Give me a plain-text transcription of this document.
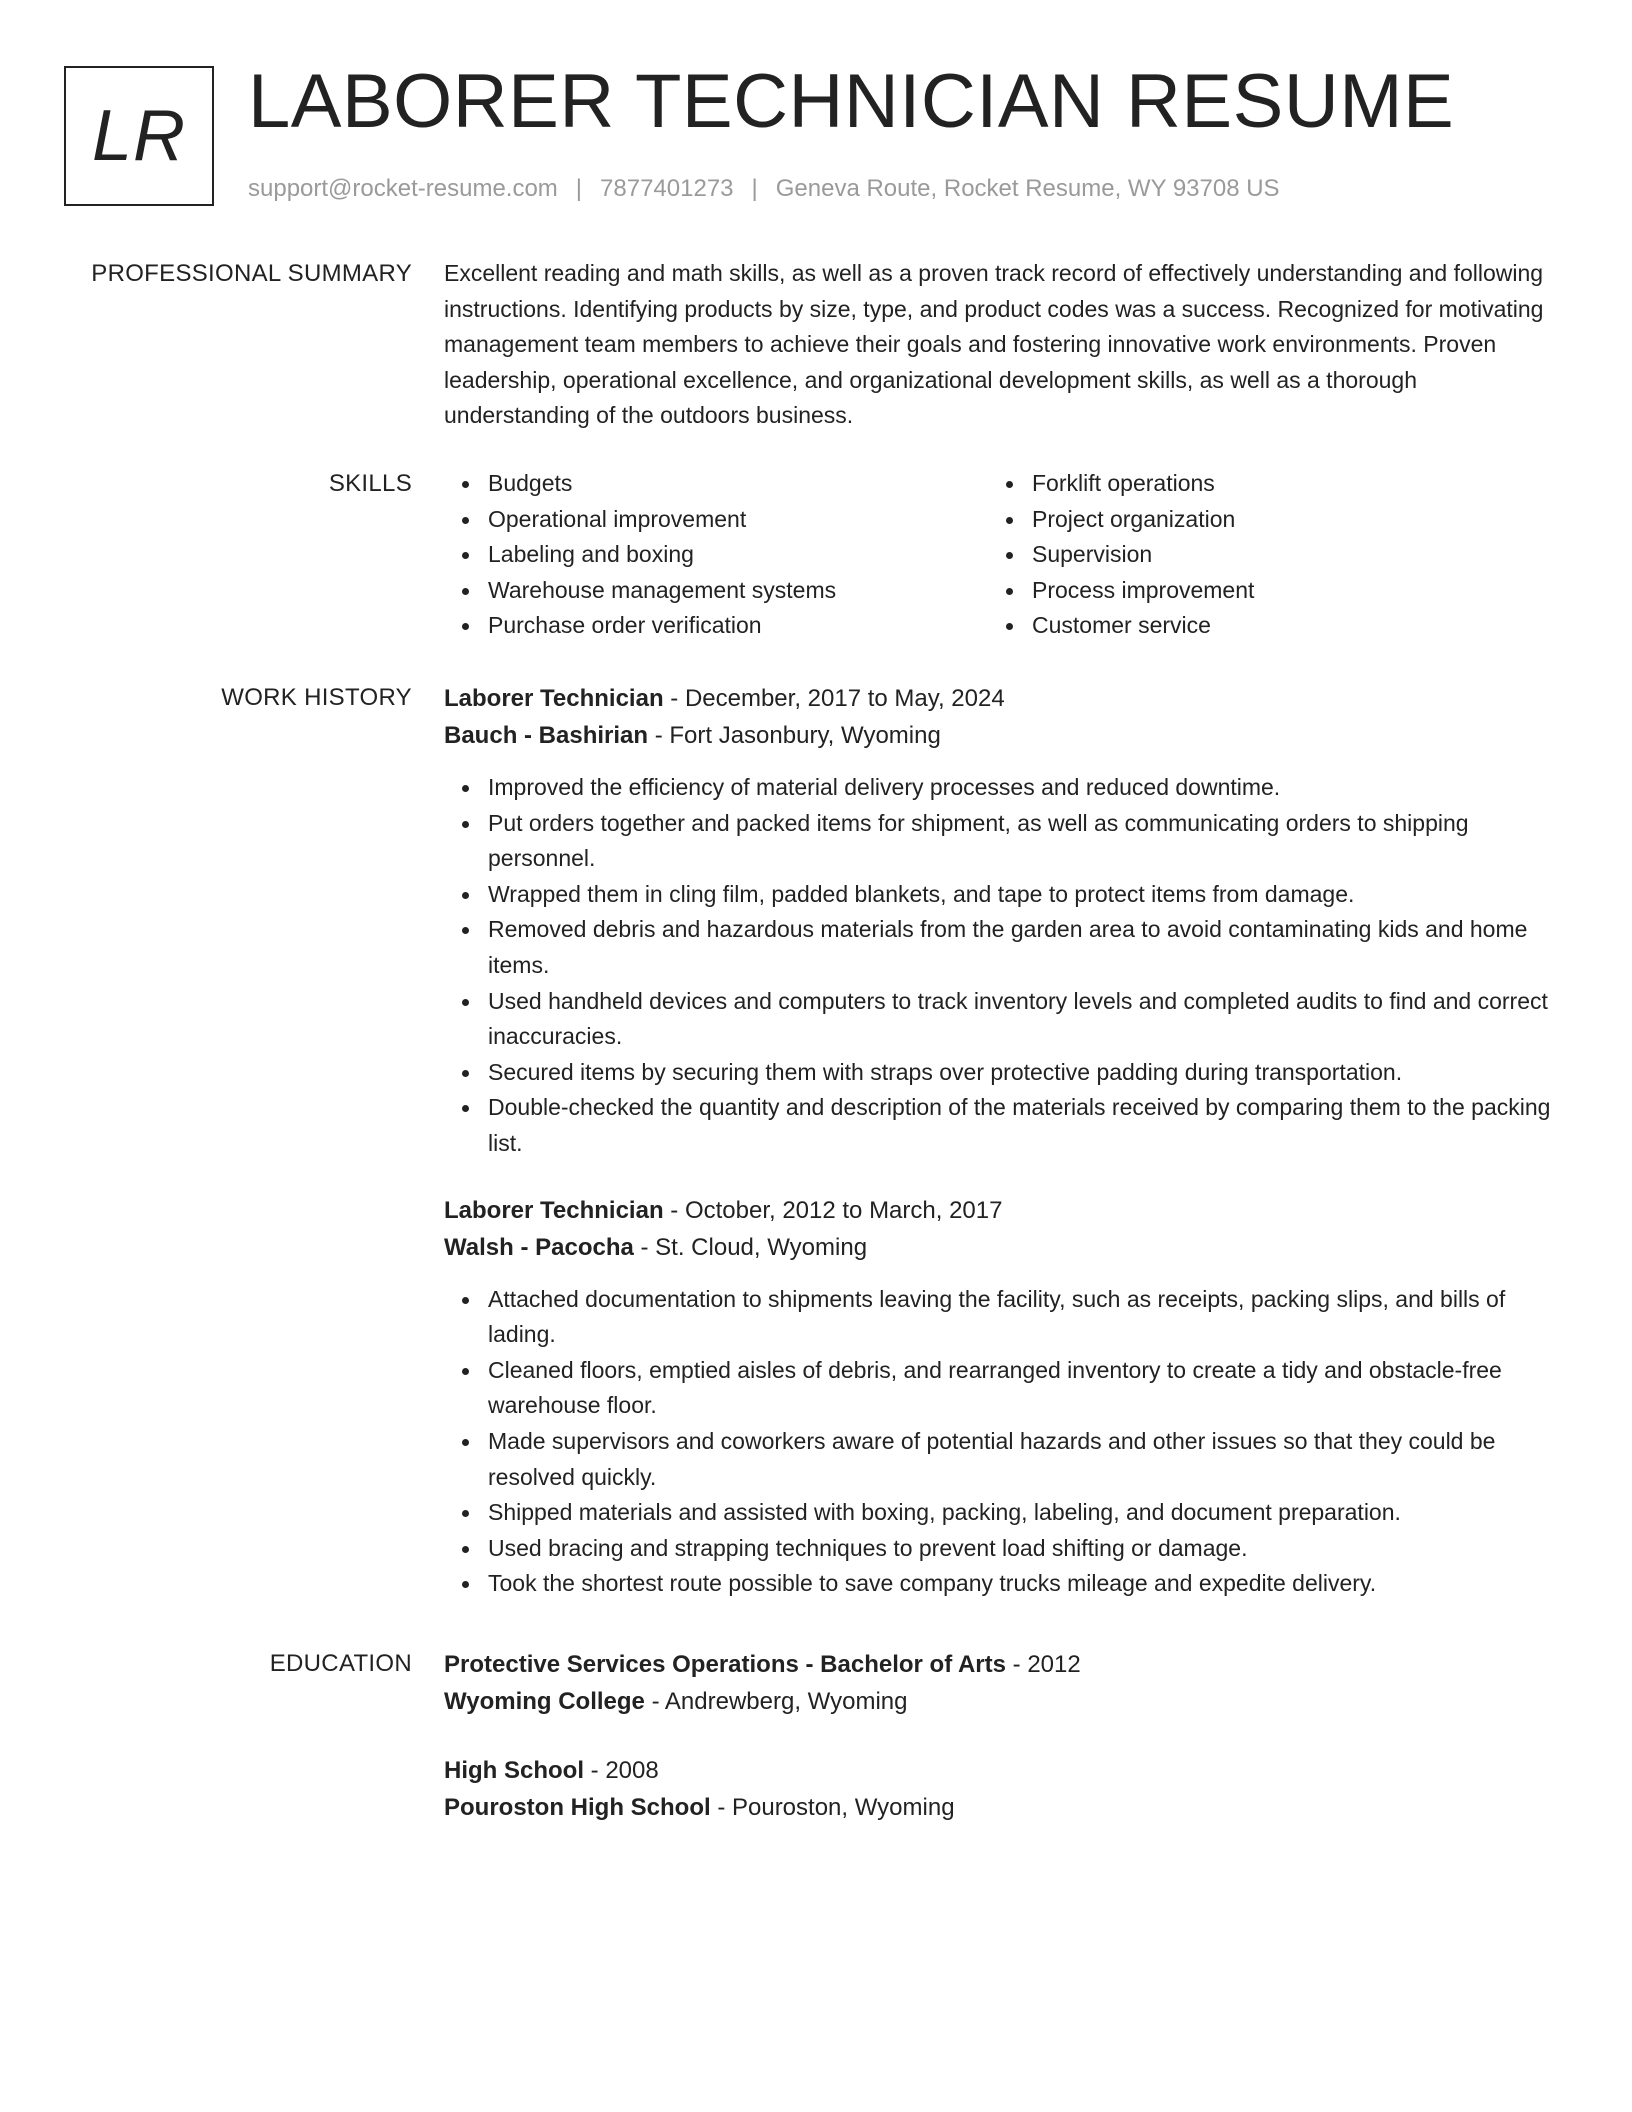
LR LABORER TECHNICIAN RESUME
support@rocket-resume.com | 7877401273 | Geneva Route, Rocket Resume, WY 93708 US
PROFESSIONAL SUMMARY Excellent reading and math skills, as well as a proven track record of effectively understanding and following instructions. Identifying products by size, type, and product codes was a success. Recognized for motivating management team members to achieve their goals and fostering innovative work environments. Proven leadership, operational excellence, and organizational development skills, as well as a thorough understanding of the outdoors business.

SKILLS	Budgets
Operational improvement
Labeling and boxing
Warehouse management systems
Purchase order verification
Forklift operations
Project organization
Supervision
Process improvement
Customer service
WORK HISTORY Laborer Technician - December, 2017 to May, 2024
Bauch - Bashirian - Fort Jasonbury, Wyoming
Improved the efficiency of material delivery processes and reduced downtime.
Put orders together and packed items for shipment, as well as communicating orders to shipping personnel.
Wrapped them in cling film, padded blankets, and tape to protect items from damage.
Removed debris and hazardous materials from the garden area to avoid contaminating kids and home items.
Used handheld devices and computers to track inventory levels and completed audits to find and correct inaccuracies.
Secured items by securing them with straps over protective padding during transportation.
Double-checked the quantity and description of the materials received by comparing them to the packing list.
Laborer Technician - October, 2012 to March, 2017
Walsh - Pacocha - St. Cloud, Wyoming
Attached documentation to shipments leaving the facility, such as receipts, packing slips, and bills of lading.
Cleaned floors, emptied aisles of debris, and rearranged inventory to create a tidy and obstacle-free warehouse floor.
Made supervisors and coworkers aware of potential hazards and other issues so that they could be resolved quickly.
Shipped materials and assisted with boxing, packing, labeling, and document preparation.
Used bracing and strapping techniques to prevent load shifting or damage.
Took the shortest route possible to save company trucks mileage and expedite delivery.
EDUCATION Protective Services Operations - Bachelor of Arts - 2012
Wyoming College - Andrewberg, Wyoming
High School - 2008
Pouroston High School - Pouroston, Wyoming
